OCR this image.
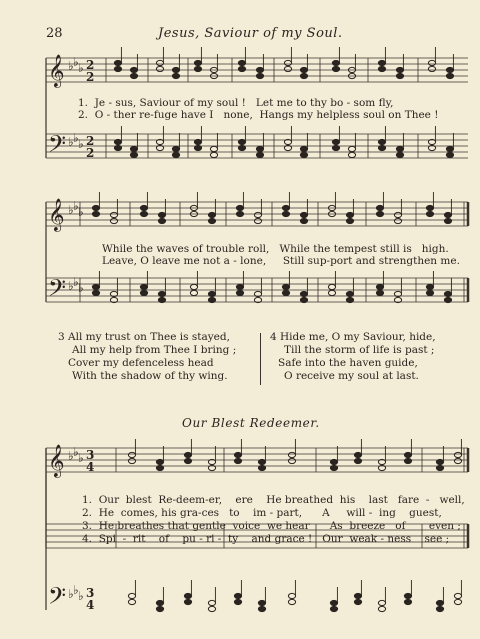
28	Jesus, Saviour of my Soul.
𝄞 ♭ ♭ ♭ 2
2
𝄢 ♭ ♭ ♭ 2
2
𝄞 ♭ ♭ ♭
𝄢 ♭ ♭ ♭
𝄞 ♭ ♭ ♭ 3
4
𝄢 ♭ ♭ ♭ 3
4
1.  Je - sus, Saviour of my soul !   Let me to thy bo - som fly,
2.  O - ther re-fuge have I   none,  Hangs my helpless soul on Thee !
While the waves of trouble roll,   While the tempest still is   high.
Leave, O leave me not a - lone,     Still sup-port and strengthen me.
3 All my trust on Thee is stayed,
All my help from Thee I bring ;
Cover my defenceless head
With the shadow of thy wing.
4 Hide me, O my Saviour, hide,
Till the storm of life is past ;
Safe into the haven guide,
O receive my soul at last.
Our Blest Redeemer.
1.  Our  blest  Re-deem-er,    ere    He breathed  his    last   fare  -   well,
2.  He  comes, his gra-ces   to    im - part,      A     will -  ing    guest,
3.  He breathes that gentle  voice  we hear      As  breeze   of       even ;
4.  Spi  -  rit    of    pu - ri -  ty    and grace !   Our  weak - ness    see ;
